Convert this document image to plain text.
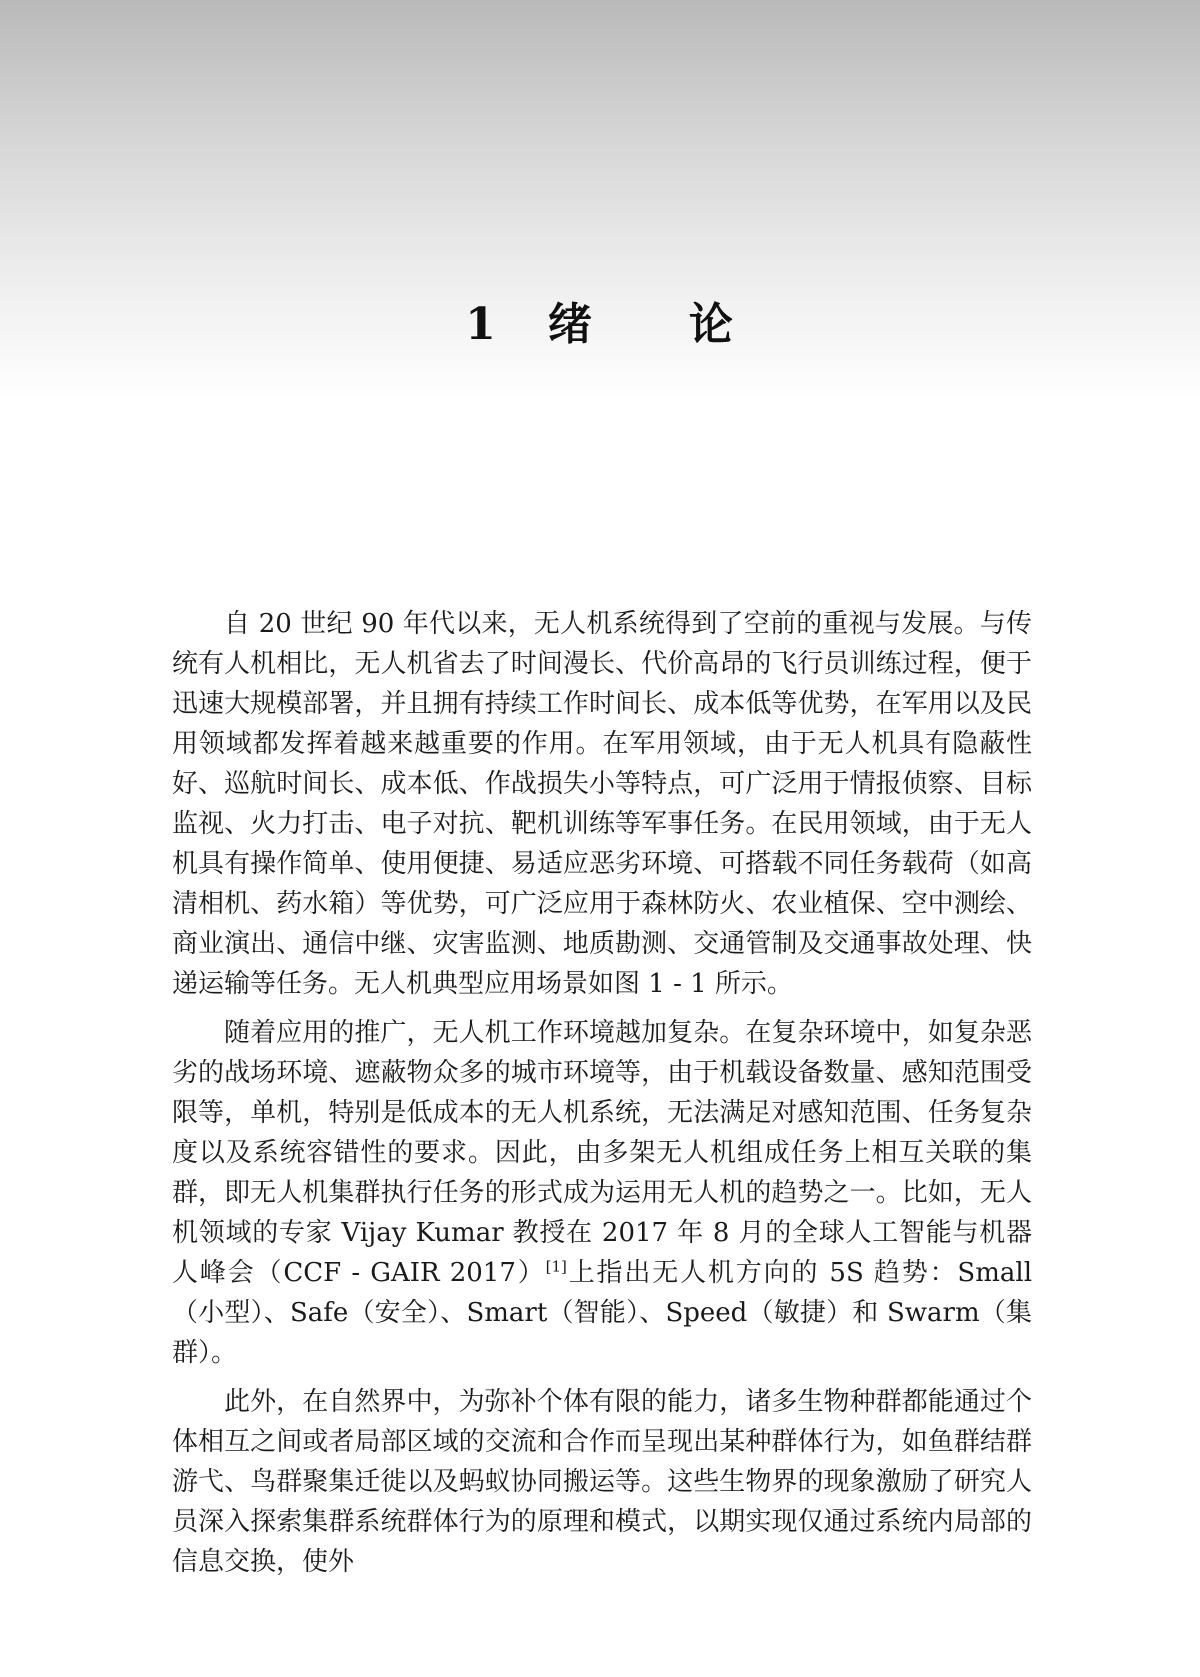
1 绪 论

自 20 世纪 90 年代以来，无人机系统得到了空前的重视与发展。与传统有人机相比，无人机省去了时间漫长、代价高昂的飞行员训练过程，便于迅速大规模部署，并且拥有持续工作时间长、成本低等优势，在军用以及民用领域都发挥着越来越重要的作用。在军用领域，由于无人机具有隐蔽性好、巡航时间长、成本低、作战损失小等特点，可广泛用于情报侦察、目标监视、火力打击、电子对抗、靶机训练等军事任务。在民用领域，由于无人机具有操作简单、使用便捷、易适应恶劣环境、可搭载不同任务载荷（如高清相机、药水箱）等优势，可广泛应用于森林防火、农业植保、空中测绘、商业演出、通信中继、灾害监测、地质勘测、交通管制及交通事故处理、快递运输等任务。无人机典型应用场景如图 1 - 1 所示。

随着应用的推广，无人机工作环境越加复杂。在复杂环境中，如复杂恶劣的战场环境、遮蔽物众多的城市环境等，由于机载设备数量、感知范围受限等，单机，特别是低成本的无人机系统，无法满足对感知范围、任务复杂度以及系统容错性的要求。因此，由多架无人机组成任务上相互关联的集群，即无人机集群执行任务的形式成为运用无人机的趋势之一。比如，无人机领域的专家 Vijay Kumar 教授在 2017 年 8 月的全球人工智能与机器人峰会（CCF - GAIR 2017）[1]上指出无人机方向的 5S 趋势：Small（小型）、Safe（安全）、Smart（智能）、Speed（敏捷）和 Swarm（集群）。

此外，在自然界中，为弥补个体有限的能力，诸多生物种群都能通过个体相互之间或者局部区域的交流和合作而呈现出某种群体行为，如鱼群结群游弋、鸟群聚集迁徙以及蚂蚁协同搬运等。这些生物界的现象激励了研究人员深入探索集群系统群体行为的原理和模式，以期实现仅通过系统内局部的信息交换，使外
